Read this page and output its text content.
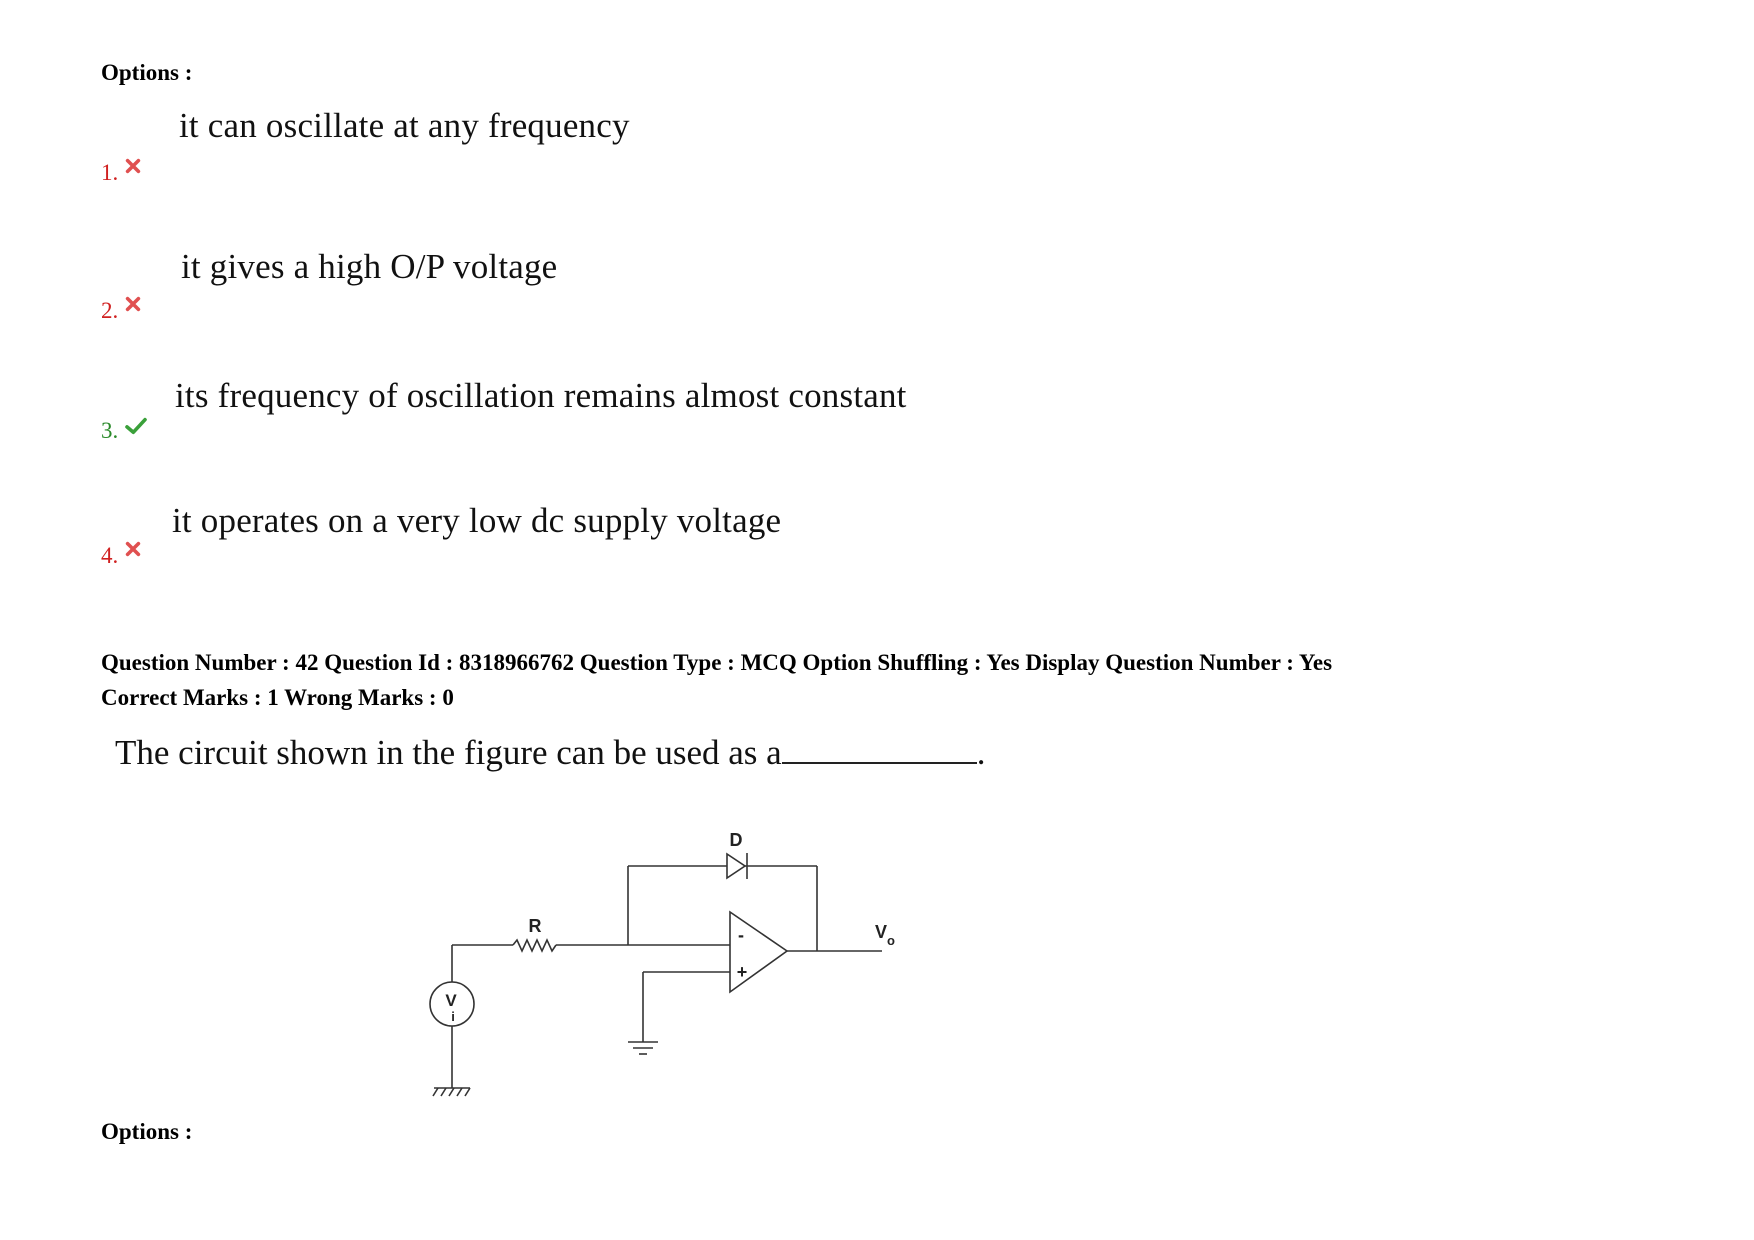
Options :
it can oscillate at any frequency
1.
it gives a high O/P voltage
2.
its frequency of oscillation remains almost constant
3.
it operates on a very low dc supply voltage
4.
Question Number : 42 Question Id : 8318966762 Question Type : MCQ Option Shuffling : Yes Display Question Number : Yes
Correct Marks : 1 Wrong Marks : 0
The circuit shown in the figure can be used as a	.
D
R	-
+
V o
V
i
Options :
